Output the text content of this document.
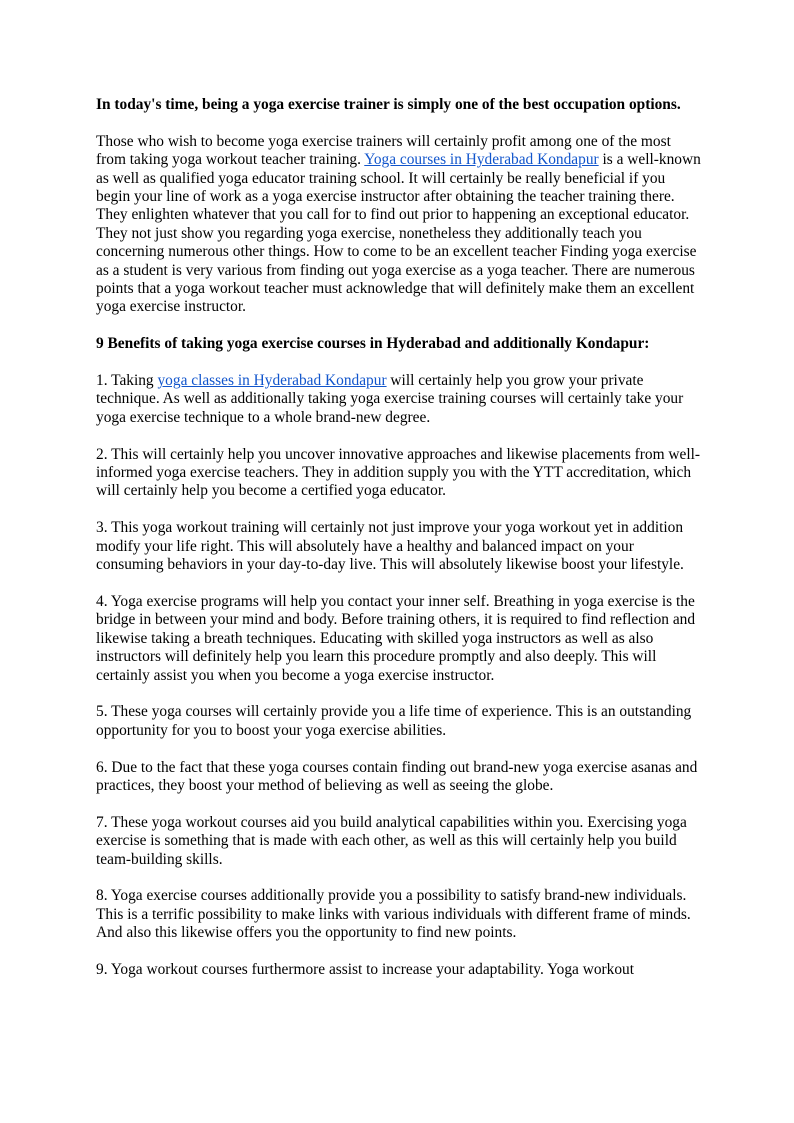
In today's time, being a yoga exercise trainer is simply one of the best occupation options.

Those who wish to become yoga exercise trainers will certainly profit among one of the most from taking yoga workout teacher training. Yoga courses in Hyderabad Kondapur is a well-known as well as qualified yoga educator training school. It will certainly be really beneficial if you begin your line of work as a yoga exercise instructor after obtaining the teacher training there. They enlighten whatever that you call for to find out prior to happening an exceptional educator. They not just show you regarding yoga exercise, nonetheless they additionally teach you concerning numerous other things. How to come to be an excellent teacher Finding yoga exercise as a student is very various from finding out yoga exercise as a yoga teacher. There are numerous points that a yoga workout teacher must acknowledge that will definitely make them an excellent yoga exercise instructor.

9 Benefits of taking yoga exercise courses in Hyderabad and additionally Kondapur:

1. Taking yoga classes in Hyderabad Kondapur will certainly help you grow your private technique. As well as additionally taking yoga exercise training courses will certainly take your yoga exercise technique to a whole brand-new degree.

2. This will certainly help you uncover innovative approaches and likewise placements from well-informed yoga exercise teachers. They in addition supply you with the YTT accreditation, which will certainly help you become a certified yoga educator.

3. This yoga workout training will certainly not just improve your yoga workout yet in addition modify your life right. This will absolutely have a healthy and balanced impact on your consuming behaviors in your day-to-day live. This will absolutely likewise boost your lifestyle.

4. Yoga exercise programs will help you contact your inner self. Breathing in yoga exercise is the bridge in between your mind and body. Before training others, it is required to find reflection and likewise taking a breath techniques. Educating with skilled yoga instructors as well as also instructors will definitely help you learn this procedure promptly and also deeply. This will certainly assist you when you become a yoga exercise instructor.

5. These yoga courses will certainly provide you a life time of experience. This is an outstanding opportunity for you to boost your yoga exercise abilities.

6. Due to the fact that these yoga courses contain finding out brand-new yoga exercise asanas and practices, they boost your method of believing as well as seeing the globe.

7. These yoga workout courses aid you build analytical capabilities within you. Exercising yoga exercise is something that is made with each other, as well as this will certainly help you build team-building skills.

8. Yoga exercise courses additionally provide you a possibility to satisfy brand-new individuals. This is a terrific possibility to make links with various individuals with different frame of minds. And also this likewise offers you the opportunity to find new points.

9. Yoga workout courses furthermore assist to increase your adaptability. Yoga workout
